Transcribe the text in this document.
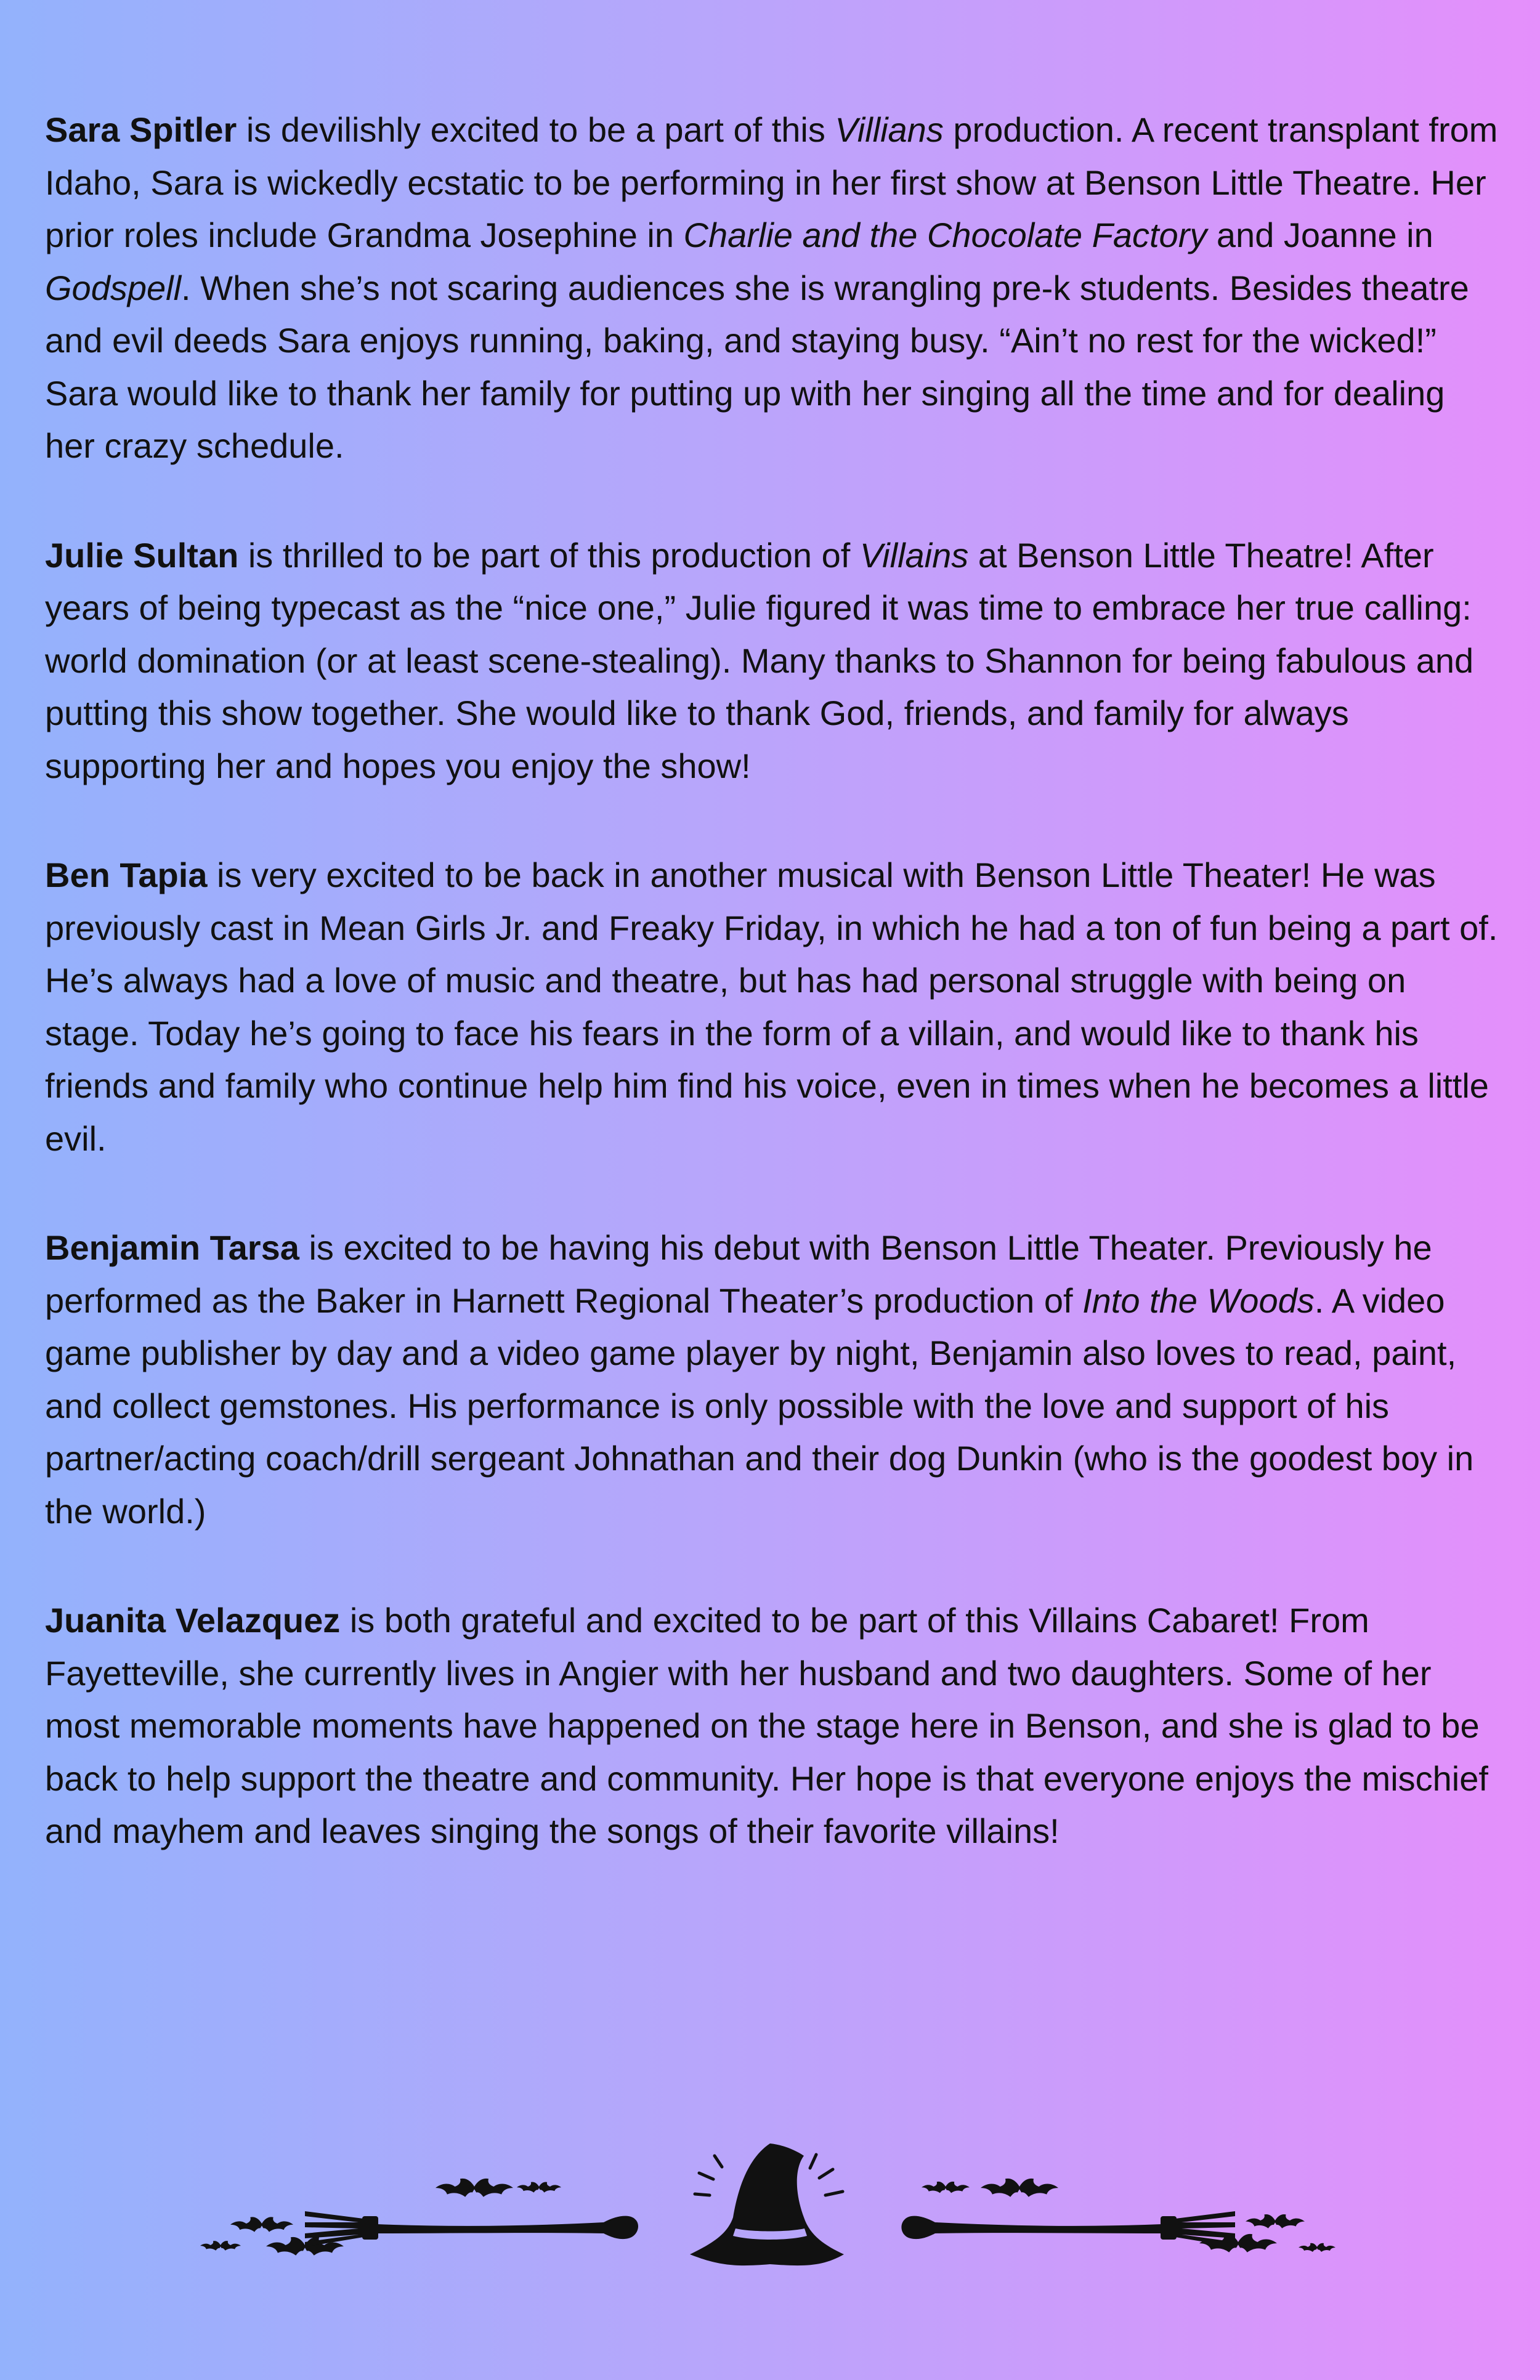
Sara Spitler is devilishly excited to be a part of this Villians production. A recent transplant from Idaho, Sara is wickedly ecstatic to be performing in her first show at Benson Little Theatre. Her prior roles include Grandma Josephine in Charlie and the Chocolate Factory and Joanne in Godspell. When she’s not scaring audiences she is wrangling pre-k students. Besides theatre and evil deeds Sara enjoys running, baking, and staying busy. “Ain’t no rest for the wicked!” Sara would like to thank her family for putting up with her singing all the time and for dealing her crazy schedule.

Julie Sultan is thrilled to be part of this production of Villains at Benson Little Theatre! After years of being typecast as the “nice one,” Julie figured it was time to embrace her true calling: world domination (or at least scene-stealing). Many thanks to Shannon for being fabulous and putting this show together. She would like to thank God, friends, and family for always supporting her and hopes you enjoy the show!

Ben Tapia is very excited to be back in another musical with Benson Little Theater! He was previously cast in Mean Girls Jr. and Freaky Friday, in which he had a ton of fun being a part of. He’s always had a love of music and theatre, but has had personal struggle with being on stage. Today he’s going to face his fears in the form of a villain, and would like to thank his friends and family who continue help him find his voice, even in times when he becomes a little evil.

Benjamin Tarsa is excited to be having his debut with Benson Little Theater. Previously he performed as the Baker in Harnett Regional Theater’s production of Into the Woods. A video game publisher by day and a video game player by night, Benjamin also loves to read, paint, and collect gemstones. His performance is only possible with the love and support of his partner/acting coach/drill sergeant Johnathan and their dog Dunkin (who is the goodest boy in the world.)

Juanita Velazquez is both grateful and excited to be part of this Villains Cabaret! From Fayetteville, she currently lives in Angier with her husband and two daughters. Some of her most memorable moments have happened on the stage here in Benson, and she is glad to be back to help support the theatre and community. Her hope is that everyone enjoys the mischief and mayhem and leaves singing the songs of their favorite villains!
